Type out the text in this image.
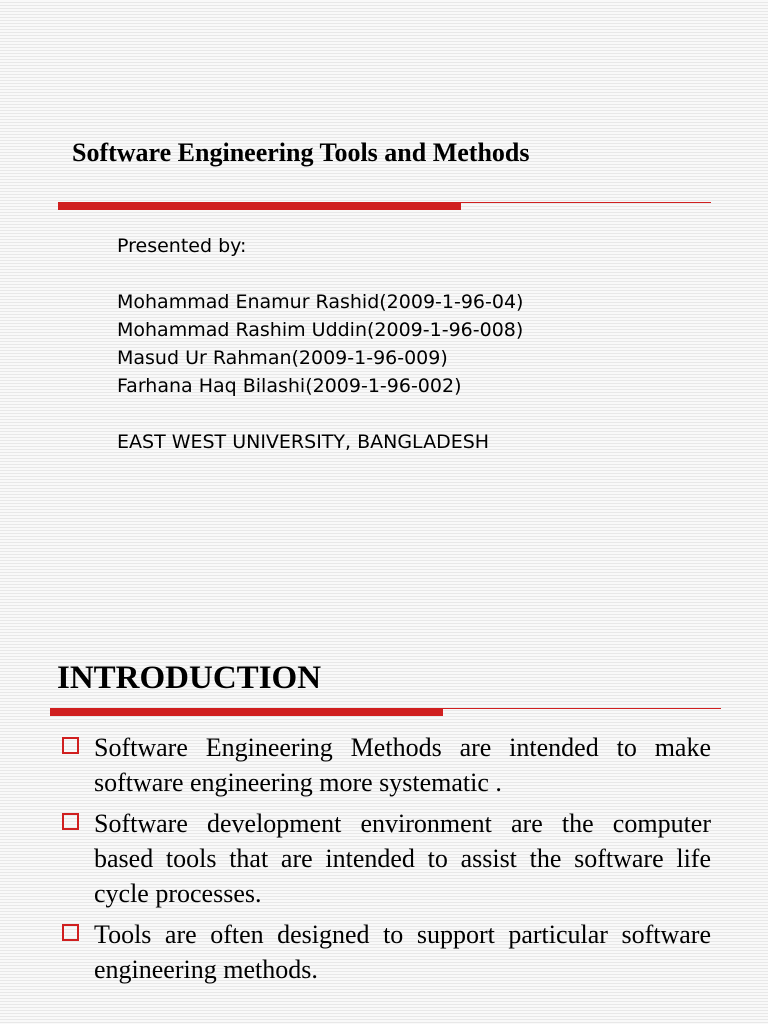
Software Engineering Tools and Methods
Presented by:
Mohammad Enamur Rashid(2009-1-96-04)
Mohammad Rashim Uddin(2009-1-96-008)
Masud Ur Rahman(2009-1-96-009)
Farhana Haq Bilashi(2009-1-96-002)
EAST WEST UNIVERSITY, BANGLADESH
INTRODUCTION
Software Engineering Methods are intended to make software engineering more systematic .
Software development environment are the computer based tools that are intended to assist the software life cycle processes.
Tools are often designed to support particular software engineering methods.
